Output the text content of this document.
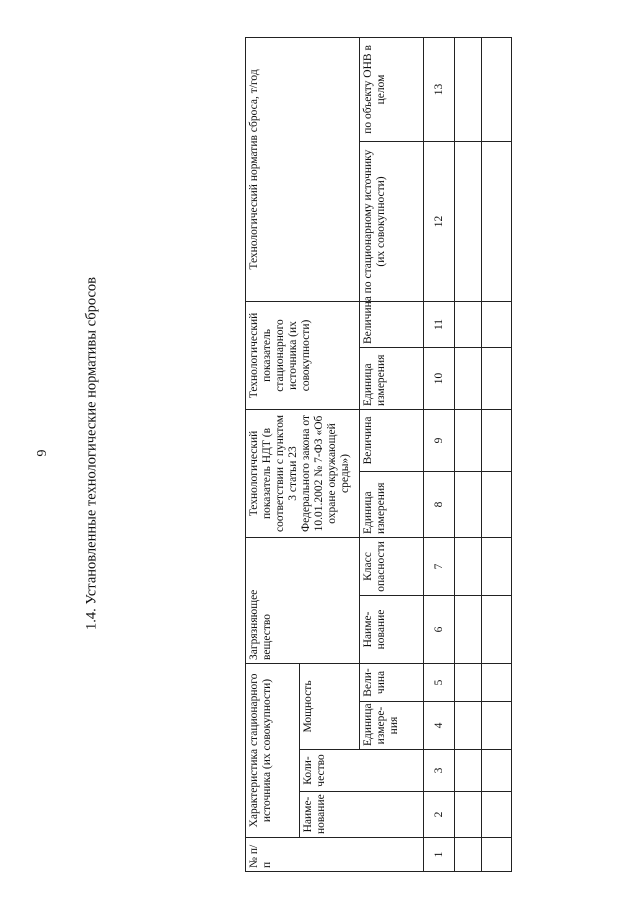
6 1.4. Установленные технологические нормативы сбросов
№ п/п	Характеристика стационарного источника (их совокупности)				Загрязняющее вещество		Технологический показатель НДТ (в соответствии с пунктом 3 статьи 23 Федерального закона от 10.01.2002 № 7-ФЗ «Об охране окружающей среды»)		Технологический показатель стационарного источника (их совокупности)		Технологический норматив сброса, т/год	
	Наиме-нование	Коли-чество	Мощность									
			Единица измере-ния	Вели-чина	Наиме-нование	Класс опасности	Единица измерения	Величина	Единица измерения	Величина	по стационарному источнику (их совокупности)	по объекту ОНВ в целом
1	2	3	4	5	6	7	8	9	10	11	12	13
